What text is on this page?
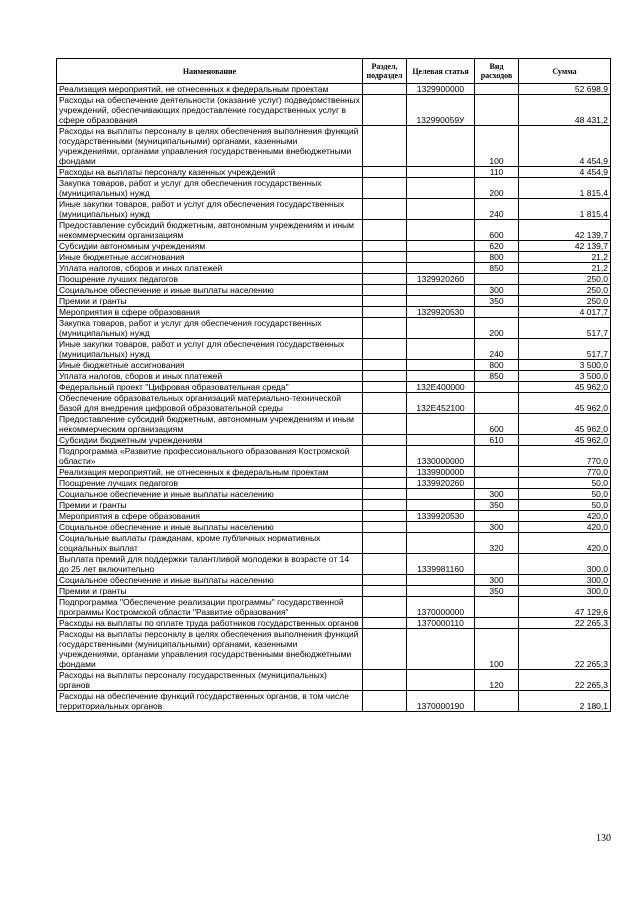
Наименование	Раздел, подраздел	Целевая статья	Вид расходов	Сумма
Реализация мероприятий, не отнесенных к федеральным проектам		1329900000		52 698,9
Расходы на обеспечение деятельности (оказание услуг) подведомственных учреждений, обеспечивающих предоставление государственных услуг в сфере образования		132990059У		48 431,2
Расходы на выплаты персоналу в целях обеспечения выполнения функций государственными (муниципальными) органами, казенными учреждениями, органами управления государственными внебюджетными фондами			100	4 454,9
Расходы на выплаты персоналу казенных учреждений			110	4 454,9
Закупка товаров, работ и услуг для обеспечения государственных (муниципальных) нужд			200	1 815,4
Иные закупки товаров, работ и услуг для обеспечения государственных (муниципальных) нужд			240	1 815,4
Предоставление субсидий бюджетным, автономным учреждениям и иным некоммерческим организациям			600	42 139,7
Субсидии автономным учреждениям			620	42 139,7
Иные бюджетные ассигнования			800	21,2
Уплата налогов, сборов и иных платежей			850	21,2
Поощрение лучших педагогов		1329920260		250,0
Социальное обеспечение и иные выплаты населению			300	250,0
Премии и гранты			350	250,0
Мероприятия в сфере образования		1329920530		4 017,7
Закупка товаров, работ и услуг для обеспечения государственных (муниципальных) нужд			200	517,7
Иные закупки товаров, работ и услуг для обеспечения государственных (муниципальных) нужд			240	517,7
Иные бюджетные ассигнования			800	3 500,0
Уплата налогов, сборов и иных платежей			850	3 500,0
Федеральный проект "Цифровая образовательная среда"		132E400000		45 962,0
Обеспечение образовательных организаций материально-технической базой для внедрения цифровой образовательной среды		132E452100		45 962,0
Предоставление субсидий бюджетным, автономным учреждениям и иным некоммерческим организациям			600	45 962,0
Субсидии бюджетным учреждениям			610	45 962,0
Подпрограмма «Развитие профессионального образования Костромской области»		1330000000		770,0
Реализация мероприятий, не отнесенных к федеральным проектам		1339900000		770,0
Поощрение лучших педагогов		1339920260		50,0
Социальное обеспечение и иные выплаты населению			300	50,0
Премии и гранты			350	50,0
Мероприятия в сфере образования		1339920530		420,0
Социальное обеспечение и иные выплаты населению			300	420,0
Социальные выплаты гражданам, кроме публичных нормативных социальных выплат			320	420,0
Выплата премий для поддержки талантливой молодежи в возрасте от 14 до 25 лет включительно		1339981160		300,0
Социальное обеспечение и иные выплаты населению			300	300,0
Премии и гранты			350	300,0
Подпрограмма "Обеспечение реализации программы" государственной программы Костромской области "Развитие образования"		1370000000		47 129,6
Расходы на выплаты по оплате труда работников государственных органов		1370000110		22 265,3
Расходы на выплаты персоналу в целях обеспечения выполнения функций государственными (муниципальными) органами, казенными учреждениями, органами управления государственными внебюджетными фондами			100	22 265,3
Расходы на выплаты персоналу государственных (муниципальных) органов			120	22 265,3
Расходы на обеспечение функций государственных органов, в том числе территориальных органов		1370000190		2 180,1
130
